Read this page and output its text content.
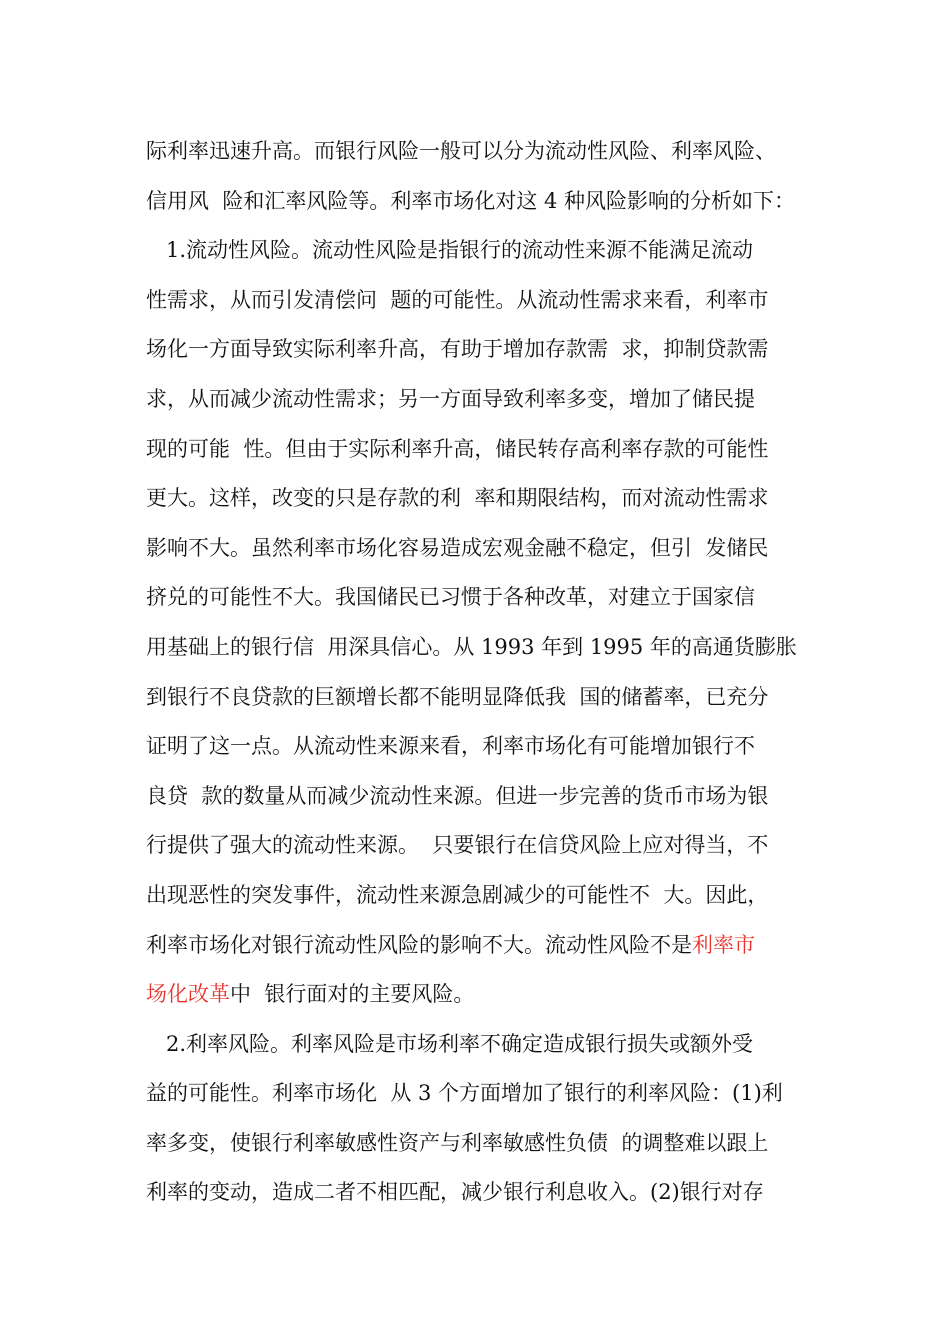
际利率迅速升高。而银行风险一般可以分为流动性风险、利率风险、
信用风  险和汇率风险等。利率市场化对这 4 种风险影响的分析如下：
1.流动性风险。流动性风险是指银行的流动性来源不能满足流动
性需求，从而引发清偿问  题的可能性。从流动性需求来看，利率市
场化一方面导致实际利率升高，有助于增加存款需  求，抑制贷款需
求，从而减少流动性需求；另一方面导致利率多变，增加了储民提
现的可能  性。但由于实际利率升高，储民转存高利率存款的可能性
更大。这样，改变的只是存款的利  率和期限结构，而对流动性需求
影响不大。虽然利率市场化容易造成宏观金融不稳定，但引  发储民
挤兑的可能性不大。我国储民已习惯于各种改革，对建立于国家信
用基础上的银行信  用深具信心。从 1993 年到 1995 年的高通货膨胀
到银行不良贷款的巨额增长都不能明显降低我  国的储蓄率，已充分
证明了这一点。从流动性来源来看，利率市场化有可能增加银行不
良贷  款的数量从而减少流动性来源。但进一步完善的货币市场为银
行提供了强大的流动性来源。  只要银行在信贷风险上应对得当，不
出现恶性的突发事件，流动性来源急剧减少的可能性不  大。因此，
利率市场化对银行流动性风险的影响不大。流动性风险不是利率市
场化改革中  银行面对的主要风险。
2.利率风险。利率风险是市场利率不确定造成银行损失或额外受
益的可能性。利率市场化  从 3 个方面增加了银行的利率风险：(1)利
率多变，使银行利率敏感性资产与利率敏感性负债  的调整难以跟上
利率的变动，造成二者不相匹配，减少银行利息收入。(2)银行对存
